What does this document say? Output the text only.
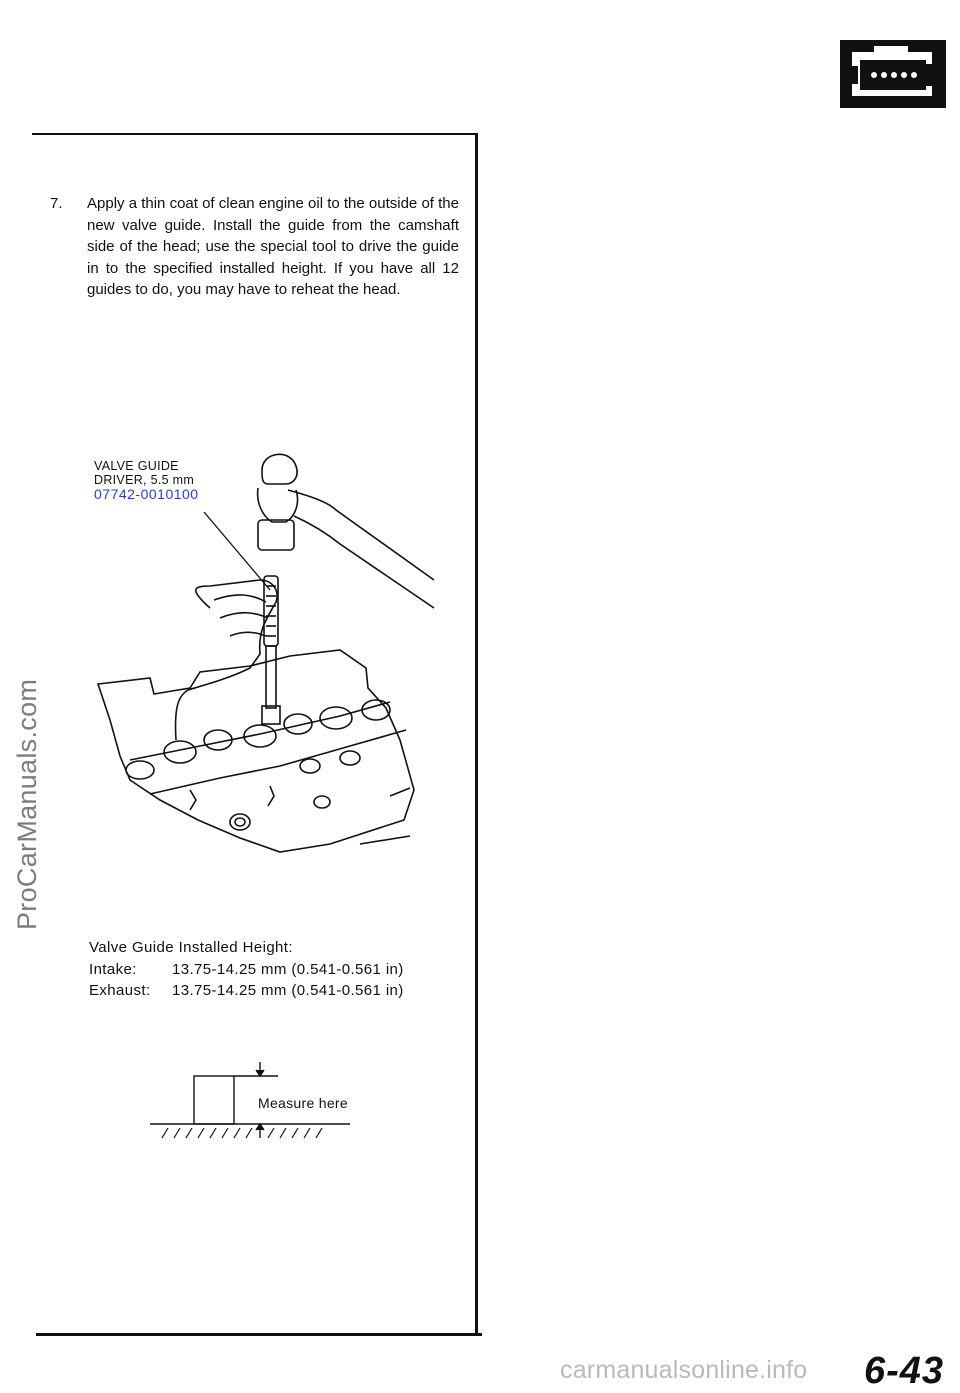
7. Apply a thin coat of clean engine oil to the outside of the new valve guide. Install the guide from the camshaft side of the head; use the special tool to drive the guide in to the specified installed height. If you have all 12 guides to do, you may have to reheat the head.
VALVE GUIDE
DRIVER, 5.5 mm
07742-0010100
Valve Guide Installed Height:
Intake:	13.75-14.25 mm (0.541-0.561 in)
Exhaust:	13.75-14.25 mm (0.541-0.561 in)
Measure here
ProCarManuals.com
6-43
carmanualsonline.info
